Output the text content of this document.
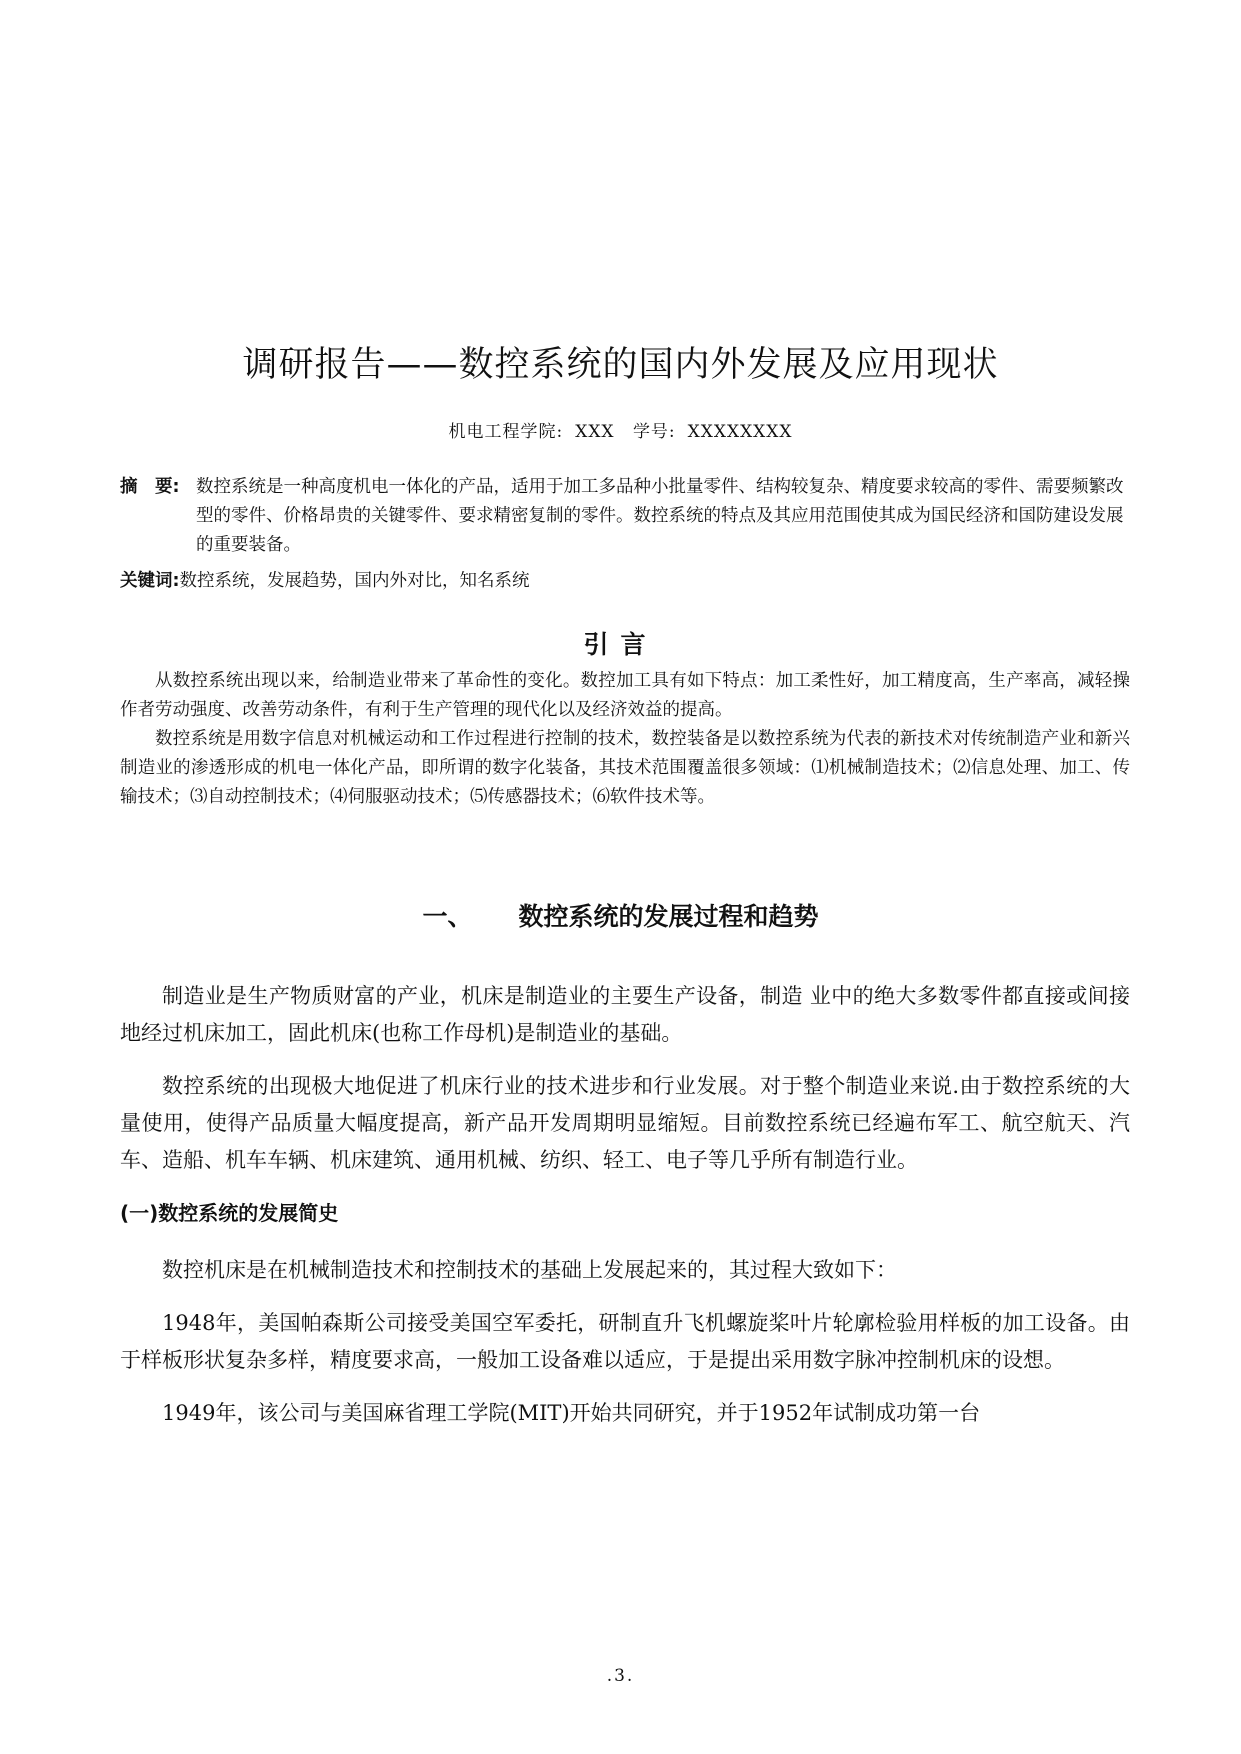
调研报告——数控系统的国内外发展及应用现状
机电工程学院: XXX 学号: XXXXXXXX
摘　要: 数控系统是一种高度机电一体化的产品，适用于加工多品种小批量零件、结构较复杂、精度要求较高的零件、需要频繁改型的零件、价格昂贵的关键零件、要求精密复制的零件。数控系统的特点及其应用范围使其成为国民经济和国防建设发展的重要装备。
关键词:数控系统，发展趋势，国内外对比，知名系统
引言

从数控系统出现以来，给制造业带来了革命性的变化。数控加工具有如下特点：加工柔性好，加工精度高，生产率高，减轻操作者劳动强度、改善劳动条件，有利于生产管理的现代化以及经济效益的提高。

数控系统是用数字信息对机械运动和工作过程进行控制的技术，数控装备是以数控系统为代表的新技术对传统制造产业和新兴制造业的渗透形成的机电一体化产品，即所谓的数字化装备，其技术范围覆盖很多领域：⑴机械制造技术；⑵信息处理、加工、传输技术；⑶自动控制技术；⑷伺服驱动技术；⑸传感器技术；⑹软件技术等。

一、 数控系统的发展过程和趋势

制造业是生产物质财富的产业，机床是制造业的主要生产设备，制造 业中的绝大多数零件都直接或间接地经过机床加工，固此机床(也称工作母机)是制造业的基础。

数控系统的出现极大地促进了机床行业的技术进步和行业发展。对于整个制造业来说.由于数控系统的大量使用，使得产品质量大幅度提高，新产品开发周期明显缩短。目前数控系统已经遍布军工、航空航天、汽车、造船、机车车辆、机床建筑、通用机械、纺织、轻工、电子等几乎所有制造行业。

(一)数控系统的发展简史

数控机床是在机械制造技术和控制技术的基础上发展起来的，其过程大致如下：

1948年，美国帕森斯公司接受美国空军委托，研制直升飞机螺旋桨叶片轮廓检验用样板的加工设备。由于样板形状复杂多样，精度要求高，一般加工设备难以适应，于是提出采用数字脉冲控制机床的设想。

1949年，该公司与美国麻省理工学院(MIT)开始共同研究，并于1952年试制成功第一台

.3.
